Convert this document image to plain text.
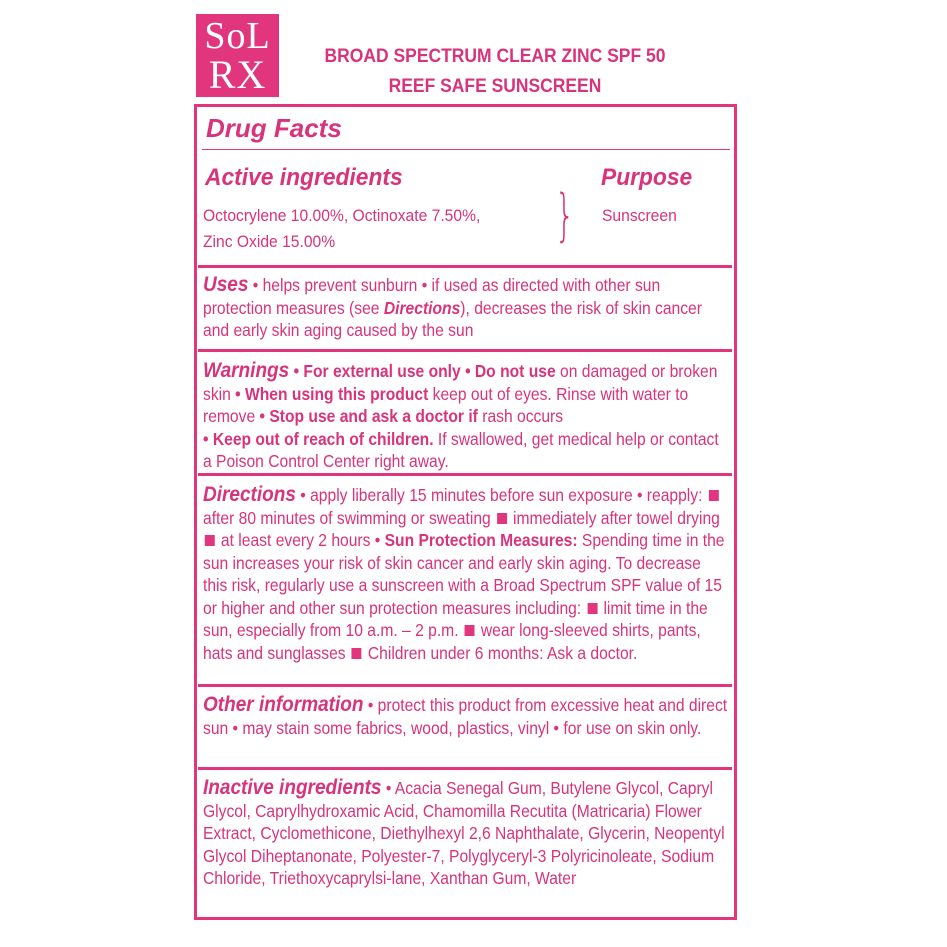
SoL
RX	BROAD SPECTRUM CLEAR ZINC SPF 50
REEF SAFE SUNSCREEN
Drug Facts
Active ingredients
Octocrylene 10.00%, Octinoxate 7.50%,
Zinc Oxide 15.00%	}
Purpose
Sunscreen
Uses • helps prevent sunburn • if used as directed with other sun protection measures (see Directions), decreases the risk of skin cancer and early skin aging caused by the sun
Warnings • For external use only • Do not use on damaged or broken skin • When using this product keep out of eyes. Rinse with water to remove • Stop use and ask a doctor if rash occurs
• Keep out of reach of children. If swallowed, get medical help or contact a Poison Control Center right away.
Directions • apply liberally 15 minutes before sun exposure • reapply:  after 80 minutes of swimming or sweating  immediately after towel drying  at least every 2 hours • Sun Protection Measures: Spending time in the sun increases your risk of skin cancer and early skin aging. To decrease this risk, regularly use a sunscreen with a Broad Spectrum SPF value of 15 or higher and other sun protection measures including:  limit time in the sun, especially from 10 a.m. – 2 p.m.  wear long-sleeved shirts, pants, hats and sunglasses  Children under 6 months: Ask a doctor.
Other information • protect this product from excessive heat and direct sun • may stain some fabrics, wood, plastics, vinyl • for use on skin only.
Inactive ingredients • Acacia Senegal Gum, Butylene Glycol, Capryl Glycol, Caprylhydroxamic Acid, Chamomilla Recutita (Matricaria) Flower Extract, Cyclomethicone, Diethylhexyl 2,6 Naphthalate, Glycerin, Neopentyl Glycol Diheptanonate, Polyester-7, Polyglyceryl-3 Polyricinoleate, Sodium Chloride, Triethoxycaprylsi-lane, Xanthan Gum, Water
